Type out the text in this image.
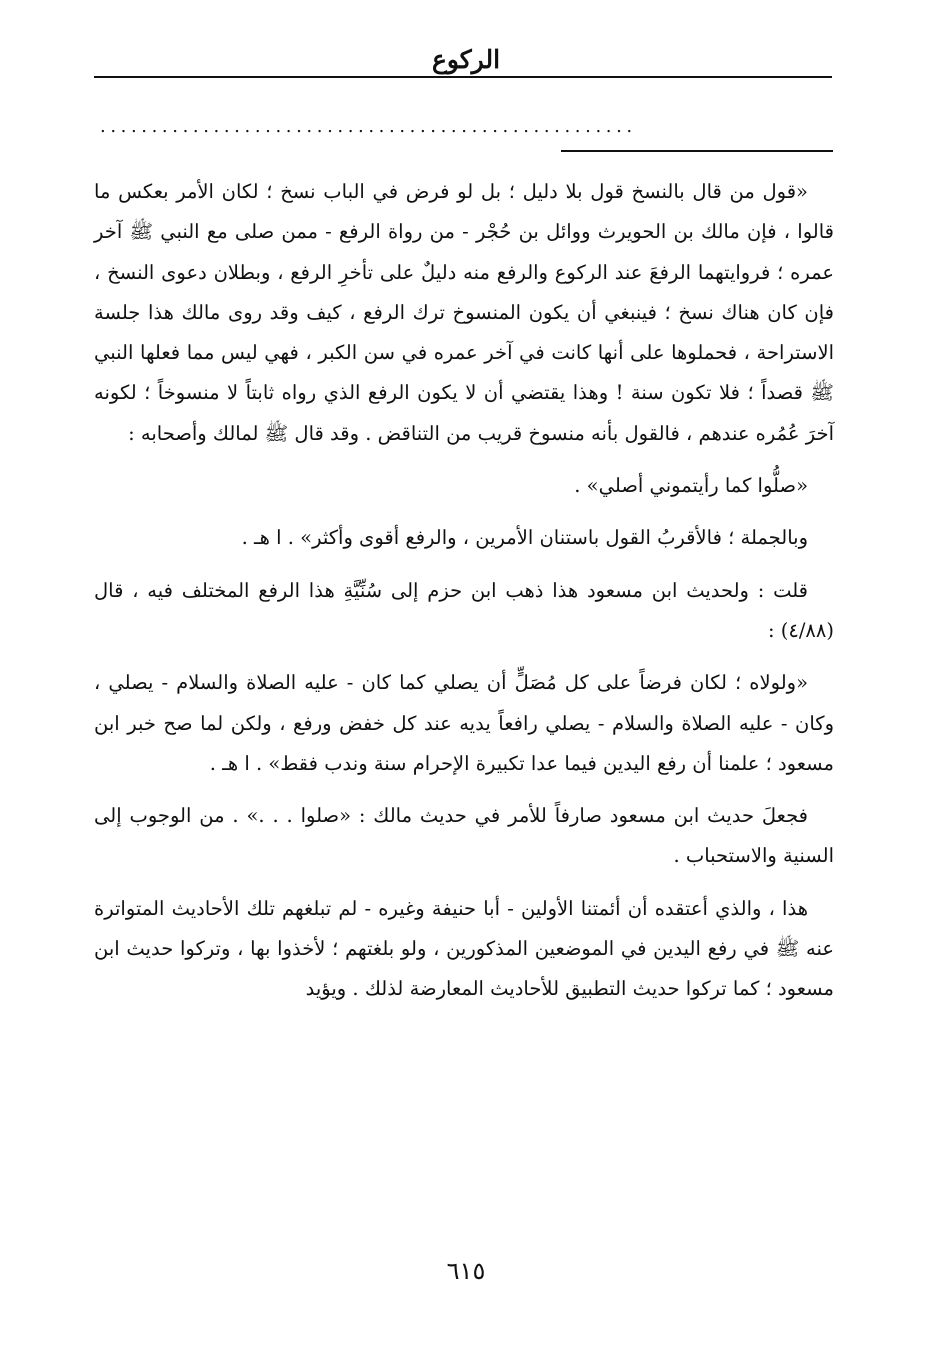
الركوع
....................................................

«قول من قال بالنسخ قول بلا دليل ؛ بل لو فرض في الباب نسخ ؛ لكان الأمر بعكس ما قالوا ، فإن مالك بن الحويرث ووائل بن حُجْر - من رواة الرفع - ممن صلى مع النبي ﷺ آخر عمره ؛ فروايتهما الرفعَ عند الركوع والرفع منه دليلٌ على تأخرِ الرفع ، وبطلان دعوى النسخ ، فإن كان هناك نسخ ؛ فينبغي أن يكون المنسوخ ترك الرفع ، كيف وقد روى مالك هذا جلسة الاستراحة ، فحملوها على أنها كانت في آخر عمره في سن الكبر ، فهي ليس مما فعلها النبي ﷺ قصداً ؛ فلا تكون سنة ! وهذا يقتضي أن لا يكون الرفع الذي رواه ثابتاً لا منسوخاً ؛ لكونه آخرَ عُمُره عندهم ، فالقول بأنه منسوخ قريب من التناقض . وقد قال ﷺ لمالك وأصحابه :

«صلُّوا كما رأيتموني أصلي» .

وبالجملة ؛ فالأقربُ القول باستنان الأمرين ، والرفع أقوى وأكثر» . ا هـ .

قلت : ولحديث ابن مسعود هذا ذهب ابن حزم إلى سُنِّيَّةِ هذا الرفع المختلف فيه ، قال (٤/٨٨) :

«ولولاه ؛ لكان فرضاً على كل مُصَلٍّ أن يصلي كما كان - عليه الصلاة والسلام - يصلي ، وكان - عليه الصلاة والسلام - يصلي رافعاً يديه عند كل خفض ورفع ، ولكن لما صح خبر ابن مسعود ؛ علمنا أن رفع اليدين فيما عدا تكبيرة الإحرام سنة وندب فقط» . ا هـ .

فجعلَ حديث ابن مسعود صارفاً للأمر في حديث مالك : «صلوا . . .» . من الوجوب إلى السنية والاستحباب .

هذا ، والذي أعتقده أن أئمتنا الأولين - أبا حنيفة وغيره - لم تبلغهم تلك الأحاديث المتواترة عنه ﷺ في رفع اليدين في الموضعين المذكورين ، ولو بلغتهم ؛ لأخذوا بها ، وتركوا حديث ابن مسعود ؛ كما تركوا حديث التطبيق للأحاديث المعارضة لذلك . ويؤيد

٦١٥
